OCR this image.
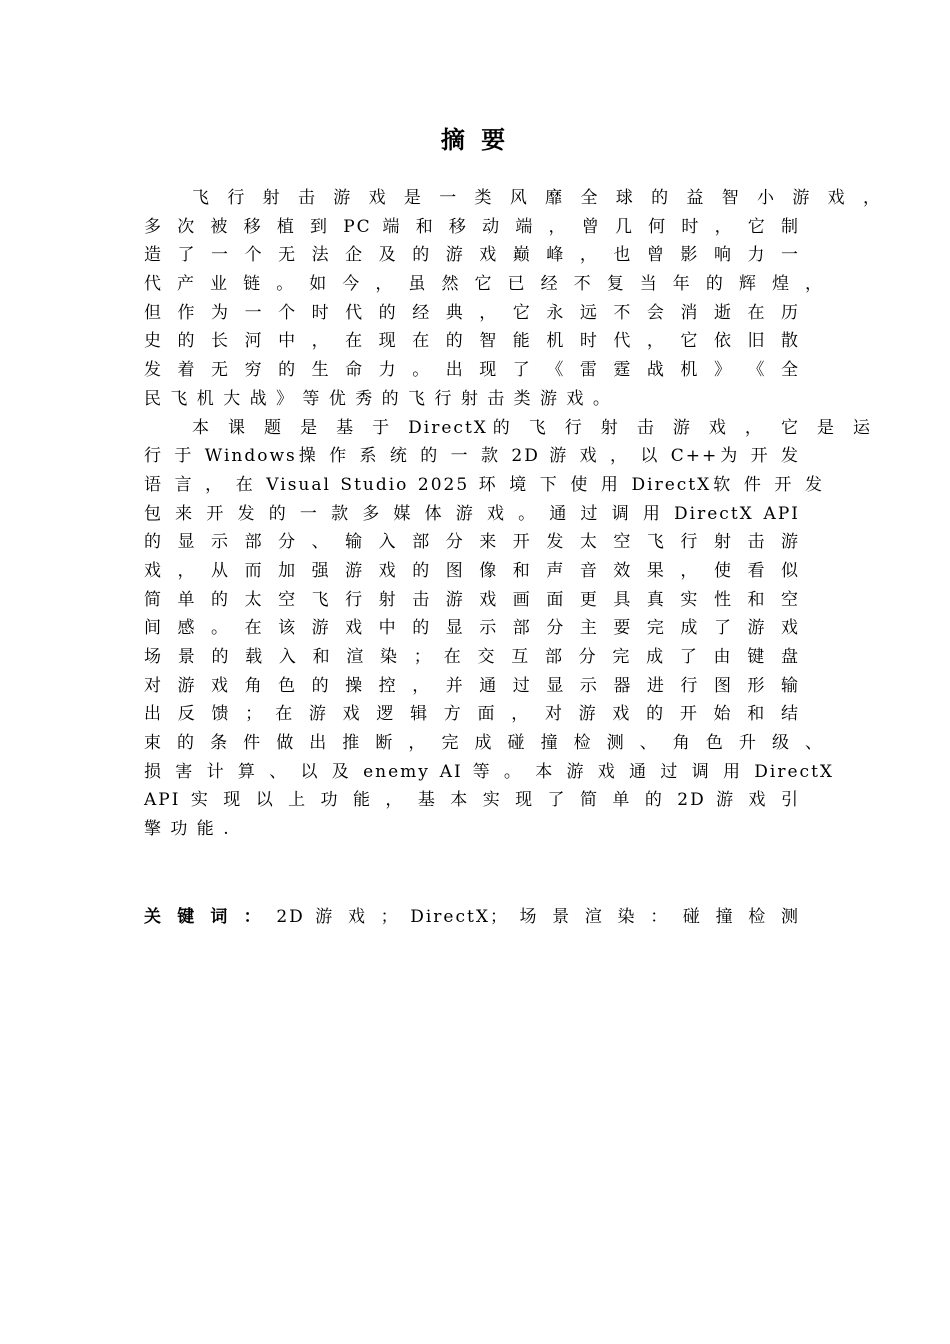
摘 要

飞 行 射 击 游 戏 是 一 类 风 靡 全 球 的 益 智 小 游 戏 ，
多 次 被 移 植 到 PC 端 和 移 动 端 ， 曾 几 何 时 ， 它 制
造 了 一 个 无 法 企 及 的 游 戏 巅 峰 ， 也 曾 影 响 力 一
代 产 业 链 。 如 今 ， 虽 然 它 已 经 不 复 当 年 的 辉 煌 ，
但 作 为 一 个 时 代 的 经 典 ， 它 永 远 不 会 消 逝 在 历
史 的 长 河 中 ， 在 现 在 的 智 能 机 时 代 ， 它 依 旧 散
发 着 无 穷 的 生 命 力 。 出 现 了 《 雷 霆 战 机 》 《 全
民 飞 机 大 战 》 等 优 秀 的 飞 行 射 击 类 游 戏 。

本 课 题 是 基 于 DirectX的 飞 行 射 击 游 戏 ， 它 是 运
行 于 Windows操 作 系 统 的 一 款 2D 游 戏 ， 以 C++为 开 发
语 言 ， 在 Visual Studio 2025 环 境 下 使 用 DirectX软 件 开 发
包 来 开 发 的 一 款 多 媒 体 游 戏 。 通 过 调 用 DirectX API
的 显 示 部 分 、 输 入 部 分 来 开 发 太 空 飞 行 射 击 游
戏 ， 从 而 加 强 游 戏 的 图 像 和 声 音 效 果 ， 使 看 似
简 单 的 太 空 飞 行 射 击 游 戏 画 面 更 具 真 实 性 和 空
间 感 。 在 该 游 戏 中 的 显 示 部 分 主 要 完 成 了 游 戏
场 景 的 载 入 和 渲 染 ； 在 交 互 部 分 完 成 了 由 键 盘
对 游 戏 角 色 的 操 控 ， 并 通 过 显 示 器 进 行 图 形 输
出 反 馈 ； 在 游 戏 逻 辑 方 面 ， 对 游 戏 的 开 始 和 结
束 的 条 件 做 出 推 断 ， 完 成 碰 撞 检 测 、 角 色 升 级 、
损 害 计 算 、 以 及 enemy AI 等 。 本 游 戏 通 过 调 用 DirectX
API 实 现 以 上 功 能 ， 基 本 实 现 了 简 单 的 2D 游 戏 引
擎 功 能 .

关 键 词 ： 2D 游 戏 ； DirectX； 场 景 渲 染 ： 碰 撞 检 测
